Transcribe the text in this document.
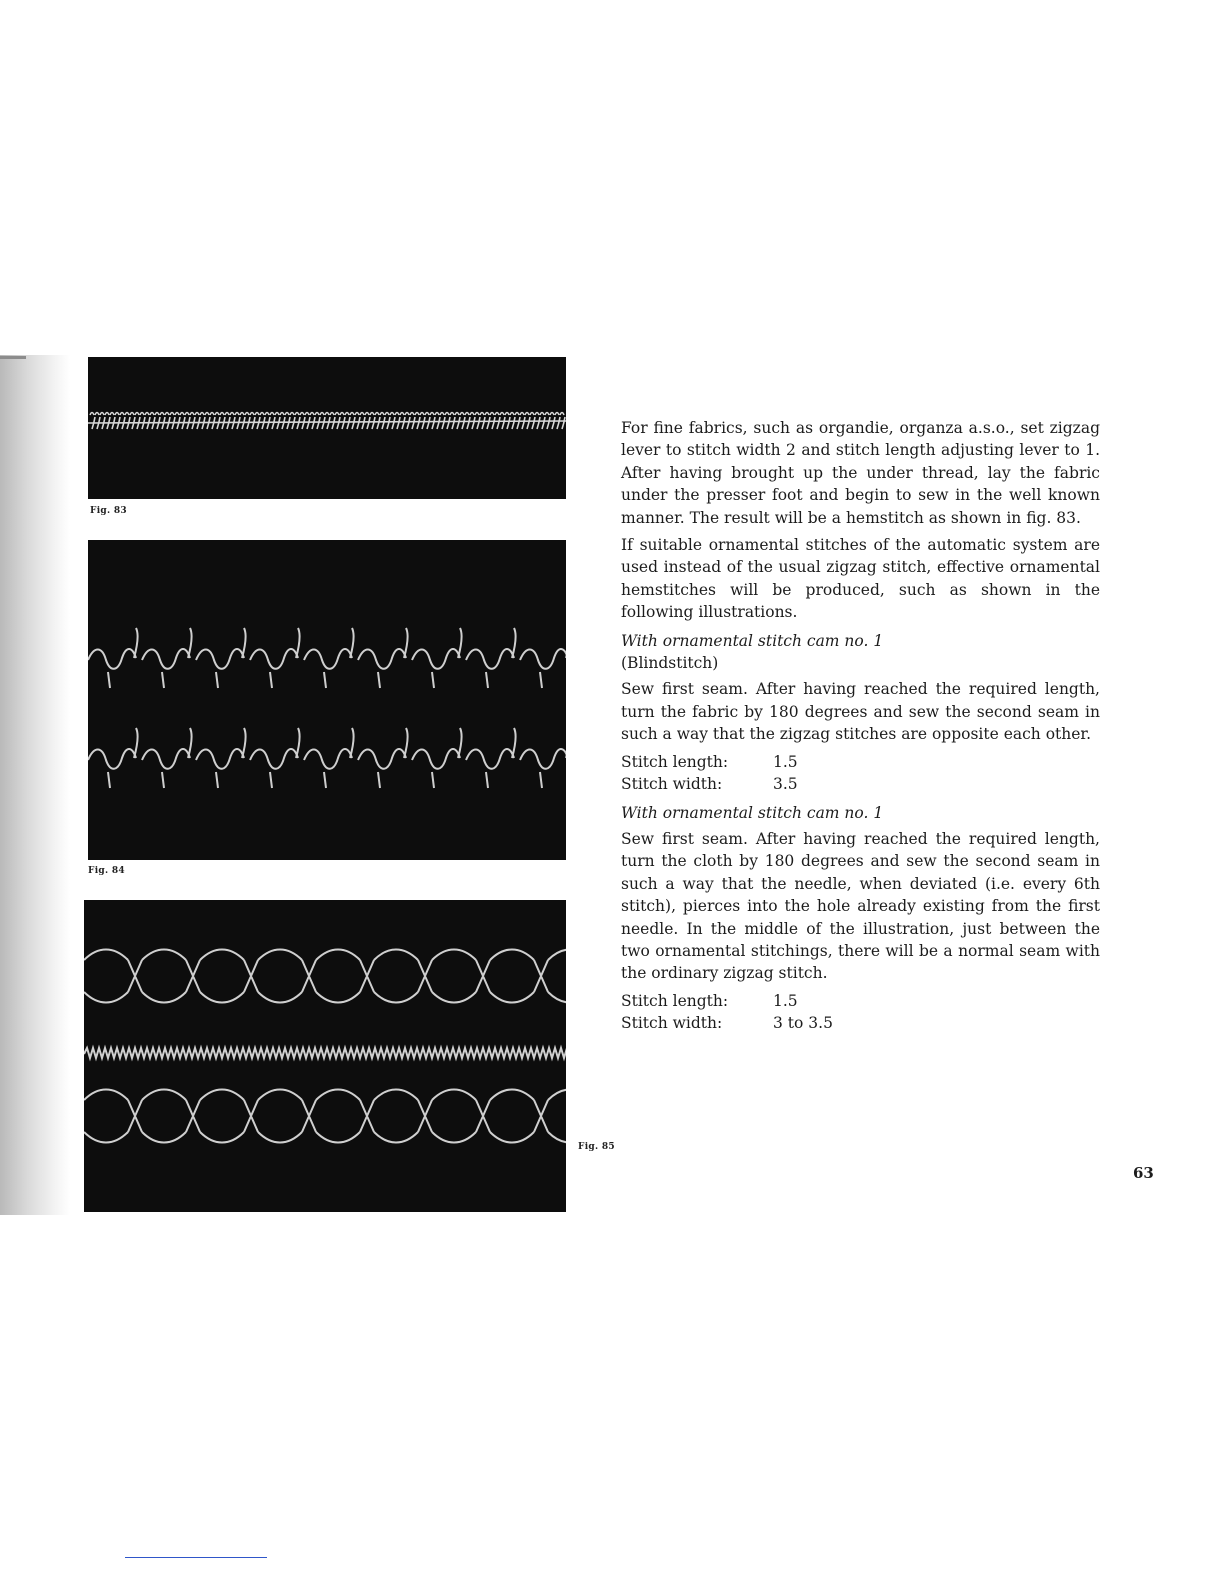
Fig. 83
Fig. 84
Fig. 85

For fine fabrics, such as organdie, organza a.s.o., set zigzag lever to stitch width 2 and stitch length adjusting lever to 1. After having brought up the under thread, lay the fabric under the presser foot and begin to sew in the well known manner. The result will be a hemstitch as shown in fig. 83.

If suitable ornamental stitches of the automatic system are used instead of the usual zigzag stitch, effective ornamental hemstitches will be produced, such as shown in the following illustrations.

With ornamental stitch cam no. 1

(Blindstitch)

Sew first seam. After having reached the required length, turn the fabric by 180 degrees and sew the second seam in such a way that the zigzag stitches are opposite each other.

Stitch length:	1.5
Stitch width:	3.5

With ornamental stitch cam no. 1

Sew first seam. After having reached the required length, turn the cloth by 180 degrees and sew the second seam in such a way that the needle, when deviated (i.e. every 6th stitch), pierces into the hole already existing from the first needle. In the middle of the illustration, just between the two ornamental stitchings, there will be a normal seam with the ordinary zigzag stitch.

Stitch length:	1.5
Stitch width:	3 to 3.5
63
